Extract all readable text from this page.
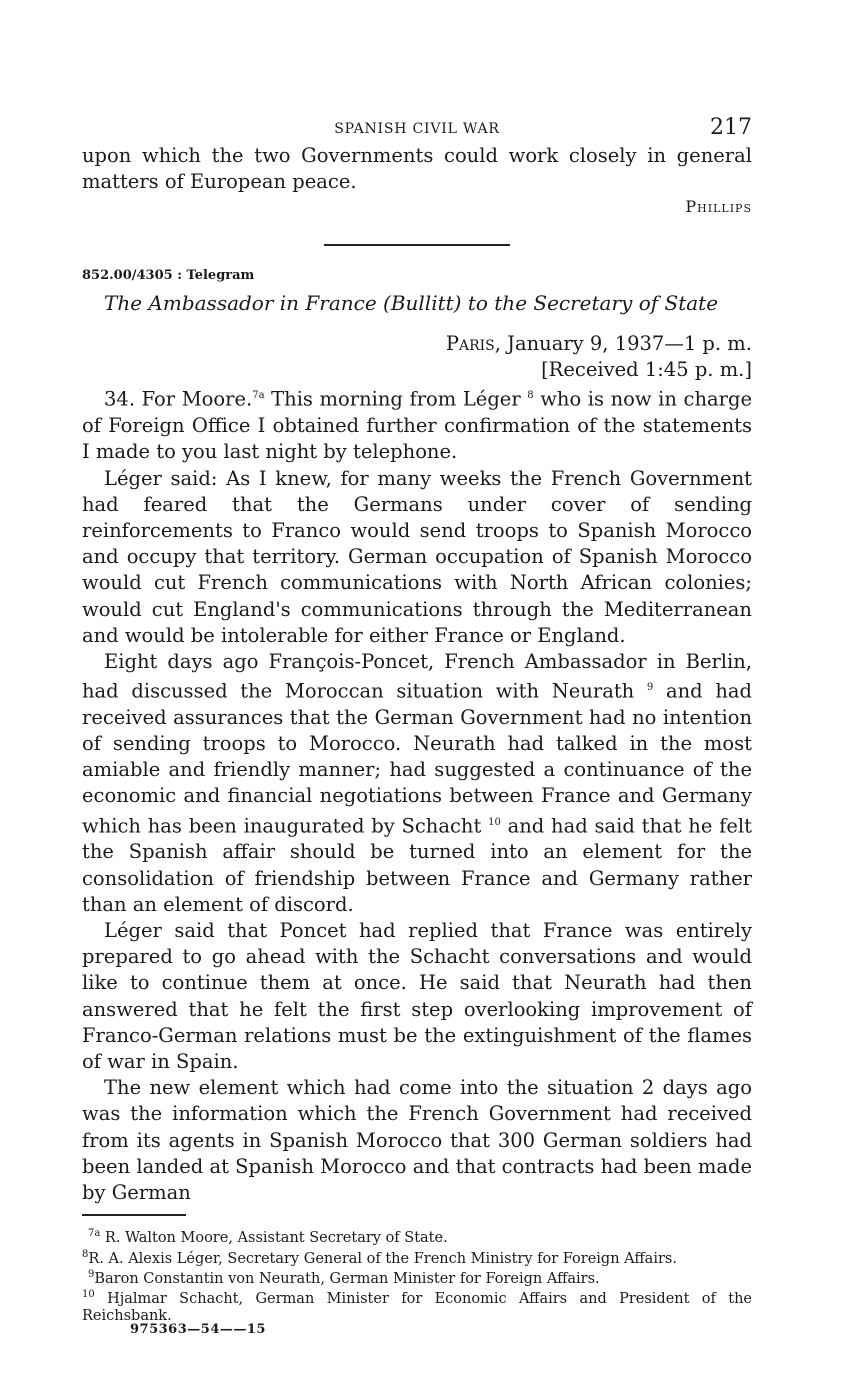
SPANISH CIVIL WAR	217

upon which the two Governments could work closely in general matters of European peace.

Phillips
852.00/4305 : Telegram
The Ambassador in France (Bullitt) to the Secretary of State
Paris, January 9, 1937—1 p. m.
[Received 1:45 p. m.]

34. For Moore.$^{7a}$ This morning from Léger $^8$ who is now in charge of Foreign Office I obtained further confirmation of the statements I made to you last night by telephone.

Léger said: As I knew, for many weeks the French Government had feared that the Germans under cover of sending reinforcements to Franco would send troops to Spanish Morocco and occupy that territory. German occupation of Spanish Morocco would cut French communications with North African colonies; would cut England's communications through the Mediterranean and would be intolerable for either France or England.

Eight days ago François-Poncet, French Ambassador in Berlin, had discussed the Moroccan situation with Neurath $^9$ and had received assurances that the German Government had no intention of sending troops to Morocco. Neurath had talked in the most amiable and friendly manner; had suggested a continuance of the economic and financial negotiations between France and Germany which has been inaugurated by Schacht $^{10}$ and had said that he felt the Spanish affair should be turned into an element for the consolidation of friendship between France and Germany rather than an element of discord.

Léger said that Poncet had replied that France was entirely prepared to go ahead with the Schacht conversations and would like to continue them at once. He said that Neurath had then answered that he felt the first step overlooking improvement of Franco-German relations must be the extinguishment of the flames of war in Spain.

The new element which had come into the situation 2 days ago was the information which the French Government had received from its agents in Spanish Morocco that 300 German soldiers had been landed at Spanish Morocco and that contracts had been made by German

$^{7a}$ R. Walton Moore, Assistant Secretary of State.

$^8$R. A. Alexis Léger, Secretary General of the French Ministry for Foreign Affairs.

$^9$Baron Constantin von Neurath, German Minister for Foreign Affairs.

$^{10}$ Hjalmar Schacht, German Minister for Economic Affairs and President of the Reichsbank.

975363—54——15
